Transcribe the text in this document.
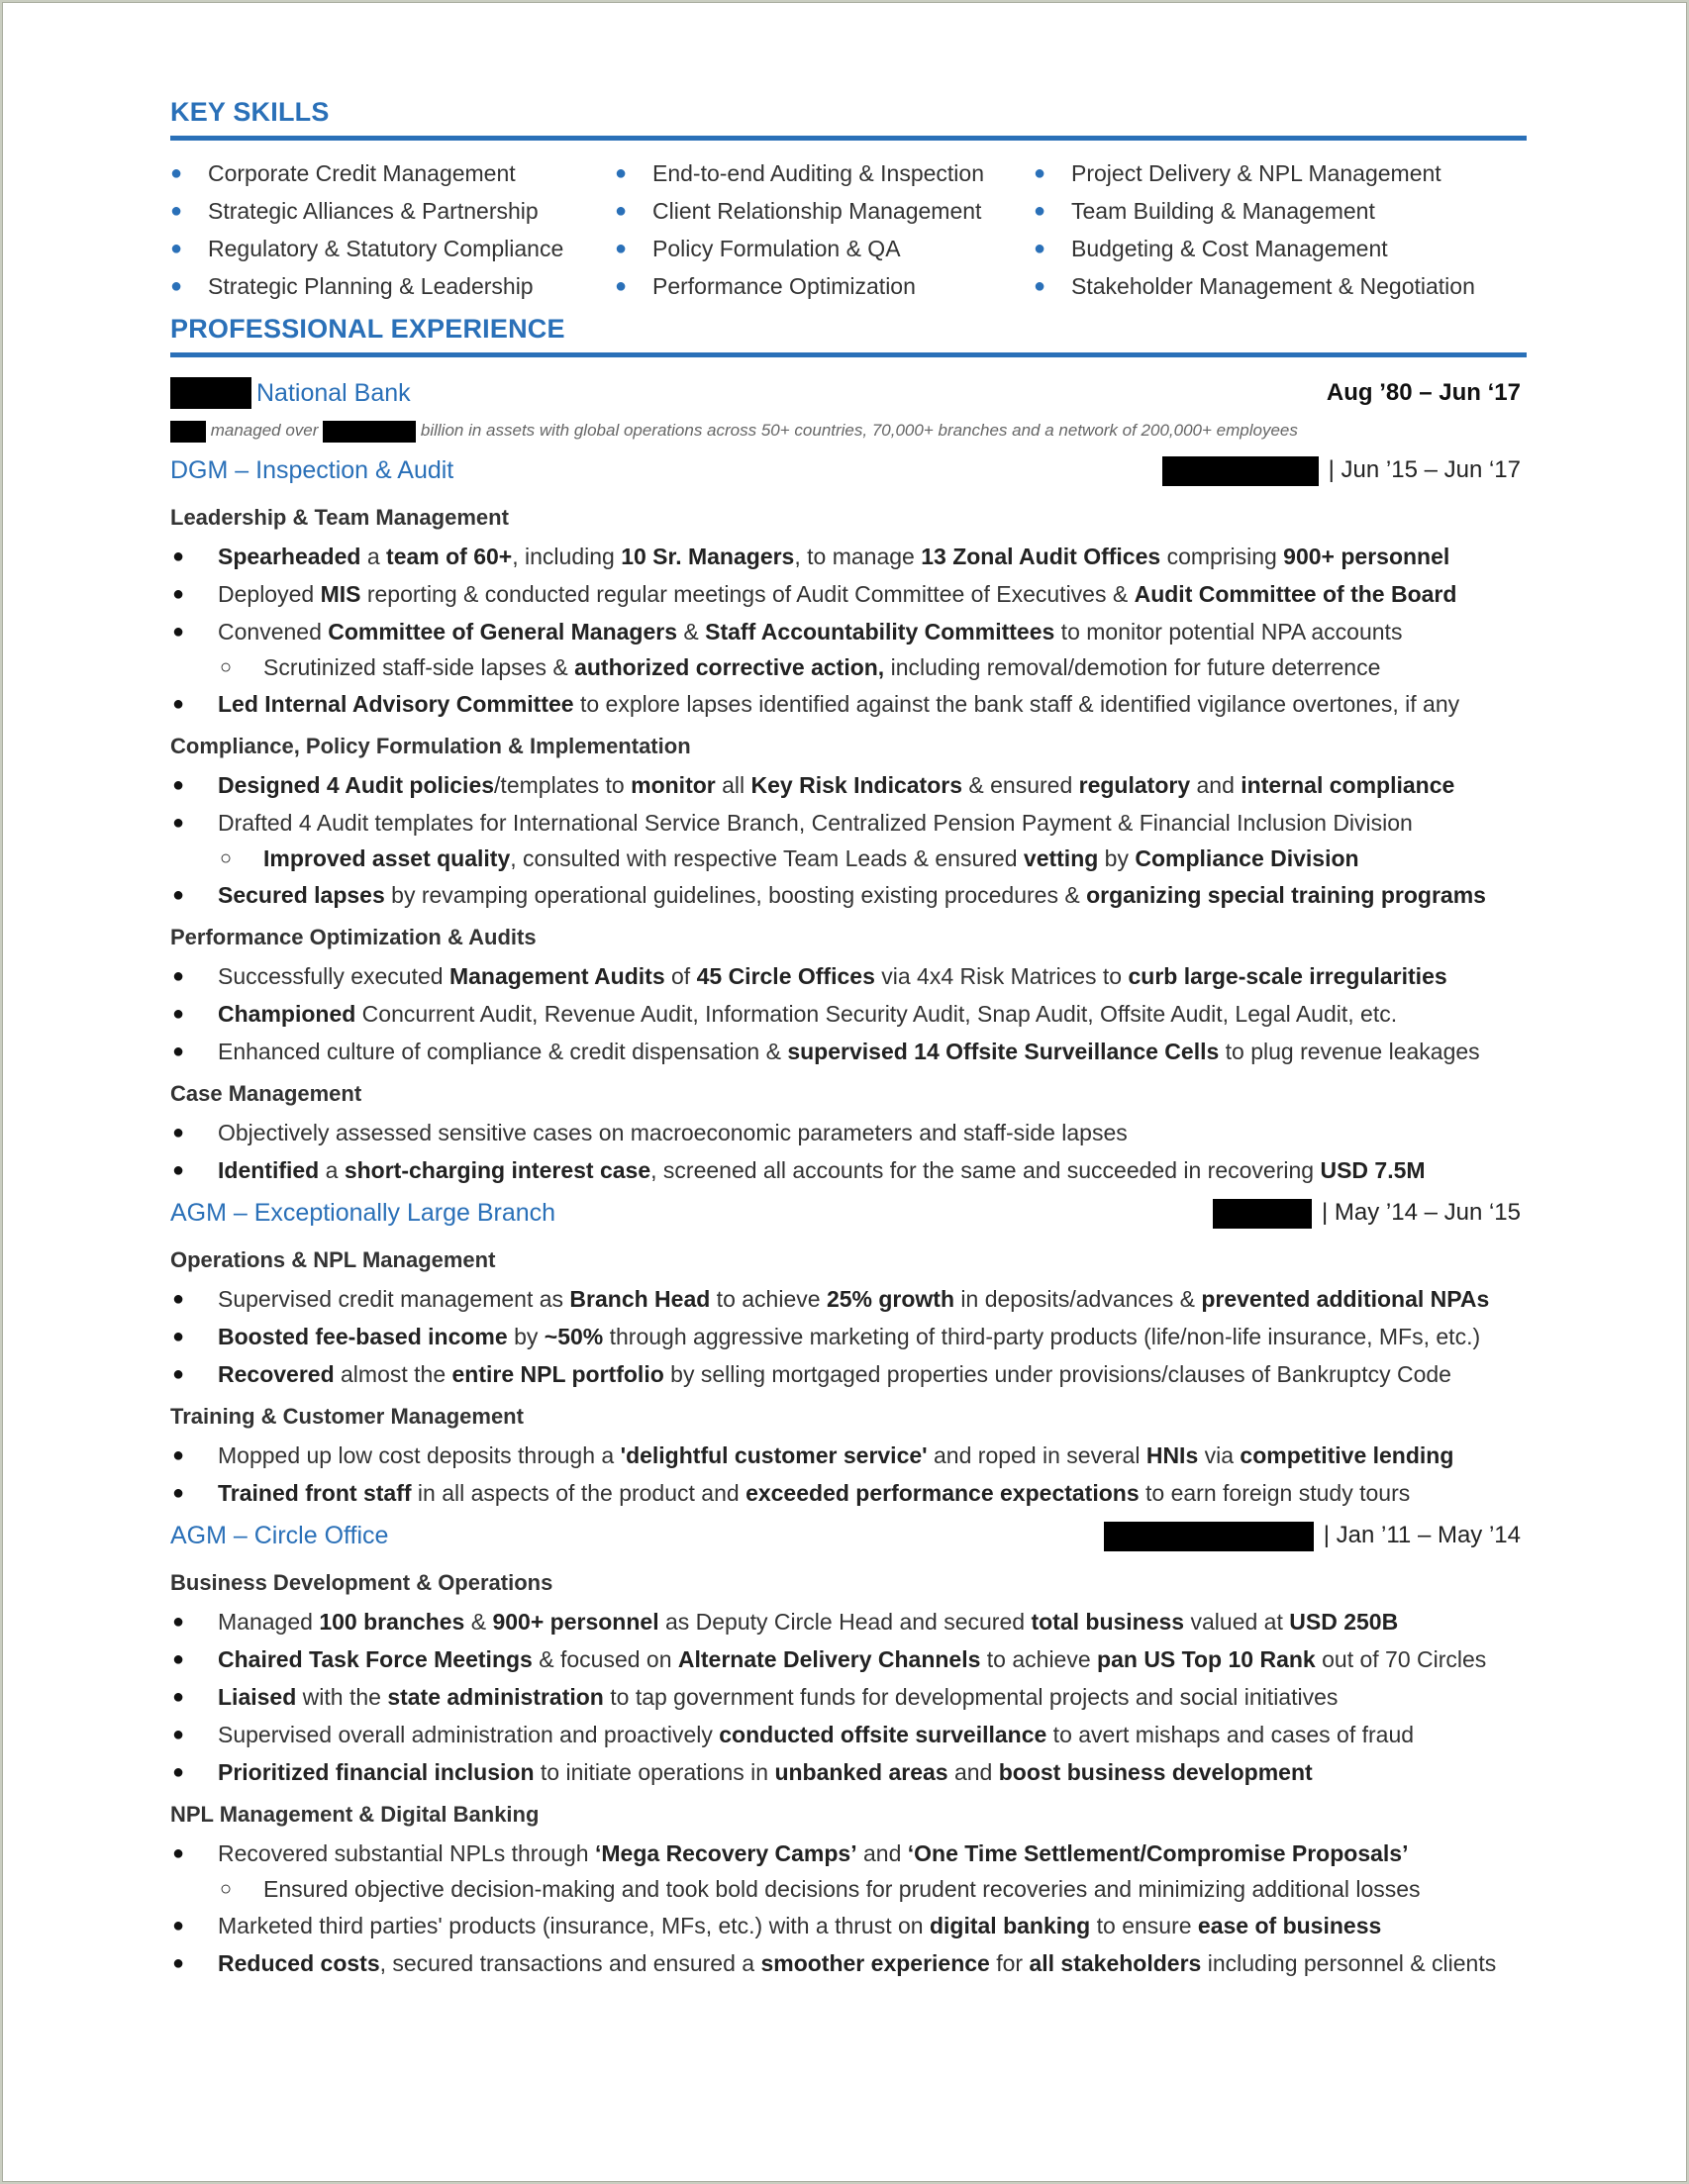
KEY SKILLS
● Corporate Credit Management
● Strategic Alliances & Partnership
● Regulatory & Statutory Compliance
● Strategic Planning & Leadership
● End-to-end Auditing & Inspection
● Client Relationship Management
● Policy Formulation & QA
● Performance Optimization
● Project Delivery & NPL Management
● Team Building & Management
● Budgeting & Cost Management
● Stakeholder Management & Negotiation
PROFESSIONAL EXPERIENCE
National Bank	Aug ’80 – Jun ‘17
managed over	billion in assets with global operations across 50+ countries, 70,000+ branches and a network of 200,000+ employees
DGM – Inspection & Audit	| Jun ’15 – Jun ‘17
Leadership & Team Management
● Spearheaded a team of 60+, including 10 Sr. Managers, to manage 13 Zonal Audit Offices comprising 900+ personnel
● Deployed MIS reporting & conducted regular meetings of Audit Committee of Executives & Audit Committee of the Board
● Convened Committee of General Managers & Staff Accountability Committees to monitor potential NPA accounts
○ Scrutinized staff-side lapses & authorized corrective action, including removal/demotion for future deterrence
● Led Internal Advisory Committee to explore lapses identified against the bank staff & identified vigilance overtones, if any
Compliance, Policy Formulation & Implementation
● Designed 4 Audit policies/templates to monitor all Key Risk Indicators & ensured regulatory and internal compliance
● Drafted 4 Audit templates for International Service Branch, Centralized Pension Payment & Financial Inclusion Division
○ Improved asset quality, consulted with respective Team Leads & ensured vetting by Compliance Division
● Secured lapses by revamping operational guidelines, boosting existing procedures & organizing special training programs
Performance Optimization & Audits
● Successfully executed Management Audits of 45 Circle Offices via 4x4 Risk Matrices to curb large-scale irregularities
● Championed Concurrent Audit, Revenue Audit, Information Security Audit, Snap Audit, Offsite Audit, Legal Audit, etc.
● Enhanced culture of compliance & credit dispensation & supervised 14 Offsite Surveillance Cells to plug revenue leakages
Case Management
● Objectively assessed sensitive cases on macroeconomic parameters and staff-side lapses
● Identified a short-charging interest case, screened all accounts for the same and succeeded in recovering USD 7.5M
AGM – Exceptionally Large Branch	| May ’14 – Jun ‘15
Operations & NPL Management
● Supervised credit management as Branch Head to achieve 25% growth in deposits/advances & prevented additional NPAs
● Boosted fee-based income by ~50% through aggressive marketing of third-party products (life/non-life insurance, MFs, etc.)
● Recovered almost the entire NPL portfolio by selling mortgaged properties under provisions/clauses of Bankruptcy Code
Training & Customer Management
● Mopped up low cost deposits through a 'delightful customer service' and roped in several HNIs via competitive lending
● Trained front staff in all aspects of the product and exceeded performance expectations to earn foreign study tours
AGM – Circle Office	| Jan ’11 – May ’14
Business Development & Operations
● Managed 100 branches & 900+ personnel as Deputy Circle Head and secured total business valued at USD 250B
● Chaired Task Force Meetings & focused on Alternate Delivery Channels to achieve pan US Top 10 Rank out of 70 Circles
● Liaised with the state administration to tap government funds for developmental projects and social initiatives
● Supervised overall administration and proactively conducted offsite surveillance to avert mishaps and cases of fraud
● Prioritized financial inclusion to initiate operations in unbanked areas and boost business development
NPL Management & Digital Banking
● Recovered substantial NPLs through ‘Mega Recovery Camps’ and ‘One Time Settlement/Compromise Proposals’
○ Ensured objective decision-making and took bold decisions for prudent recoveries and minimizing additional losses
● Marketed third parties' products (insurance, MFs, etc.) with a thrust on digital banking to ensure ease of business
● Reduced costs, secured transactions and ensured a smoother experience for all stakeholders including personnel & clients
